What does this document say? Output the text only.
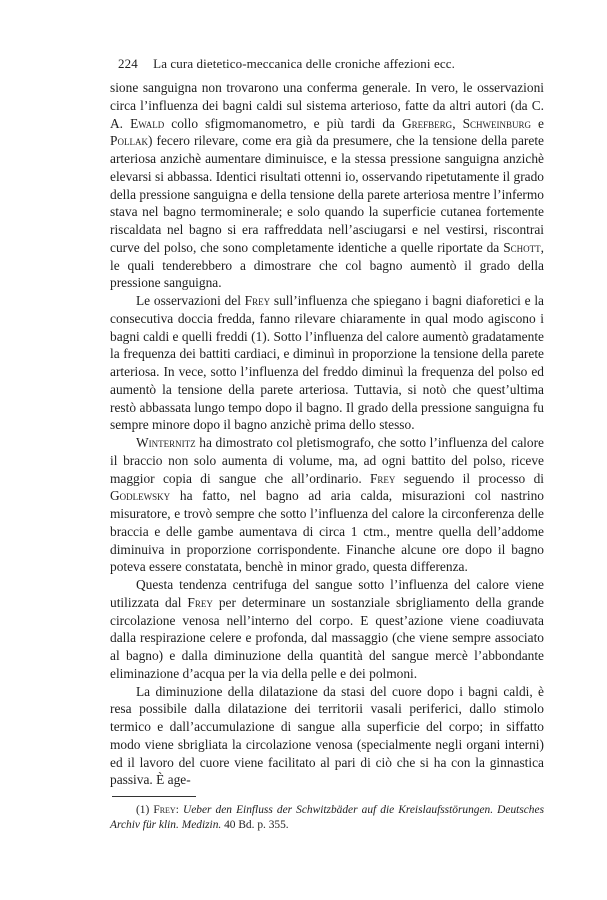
224 La cura dietetico-meccanica delle croniche affezioni ecc.

sione sanguigna non trovarono una conferma generale. In vero, le osservazioni circa l’influenza dei bagni caldi sul sistema arterioso, fatte da altri autori (da C. A. Ewald collo sfigmomanometro, e più tardi da Grefberg, Schweinburg e Pollak) fecero rilevare, come era già da presumere, che la tensione della parete arteriosa anzichè aumentare diminuisce, e la stessa pressione sanguigna anzichè elevarsi si abbassa. Identici risultati ottenni io, osservando ripetutamente il grado della pressione sanguigna e della tensione della parete arteriosa mentre l’infermo stava nel bagno termominerale; e solo quando la superficie cutanea fortemente riscaldata nel bagno si era raffreddata nell’asciugarsi e nel vestirsi, riscontrai curve del polso, che sono completamente identiche a quelle riportate da Schott, le quali tenderebbero a dimostrare che col bagno aumentò il grado della pressione sanguigna.

Le osservazioni del Frey sull’influenza che spiegano i bagni diaforetici e la consecutiva doccia fredda, fanno rilevare chiaramente in qual modo agiscono i bagni caldi e quelli freddi (1). Sotto l’influenza del calore aumentò gradatamente la frequenza dei battiti cardiaci, e diminuì in proporzione la tensione della parete arteriosa. In vece, sotto l’influenza del freddo diminuì la frequenza del polso ed aumentò la tensione della parete arteriosa. Tuttavia, si notò che quest’ultima restò abbassata lungo tempo dopo il bagno. Il grado della pressione sanguigna fu sempre minore dopo il bagno anzichè prima dello stesso.

Winternitz ha dimostrato col pletismografo, che sotto l’influenza del calore il braccio non solo aumenta di volume, ma, ad ogni battito del polso, riceve maggior copia di sangue che all’ordinario. Frey seguendo il processo di Godlewsky ha fatto, nel bagno ad aria calda, misurazioni col nastrino misuratore, e trovò sempre che sotto l’influenza del calore la circonferenza delle braccia e delle gambe aumentava di circa 1 ctm., mentre quella dell’addome diminuiva in proporzione corrispondente. Finanche alcune ore dopo il bagno poteva essere constatata, benchè in minor grado, questa differenza.

Questa tendenza centrifuga del sangue sotto l’influenza del calore viene utilizzata dal Frey per determinare un sostanziale sbrigliamento della grande circolazione venosa nell’interno del corpo. E quest’azione viene coadiuvata dalla respirazione celere e profonda, dal massaggio (che viene sempre associato al bagno) e dalla diminuzione della quantità del sangue mercè l’abbondante eliminazione d’acqua per la via della pelle e dei polmoni.

La diminuzione della dilatazione da stasi del cuore dopo i bagni caldi, è resa possibile dalla dilatazione dei territorii vasali periferici, dallo stimolo termico e dall’accumulazione di sangue alla superficie del corpo; in siffatto modo viene sbrigliata la circolazione venosa (specialmente negli organi interni) ed il lavoro del cuore viene facilitato al pari di ciò che si ha con la ginnastica passiva. È age-

(1) Frey: Ueber den Einfluss der Schwitzbäder auf die Kreislaufsstörungen. Deutsches Archiv für klin. Medizin. 40 Bd. p. 355.
